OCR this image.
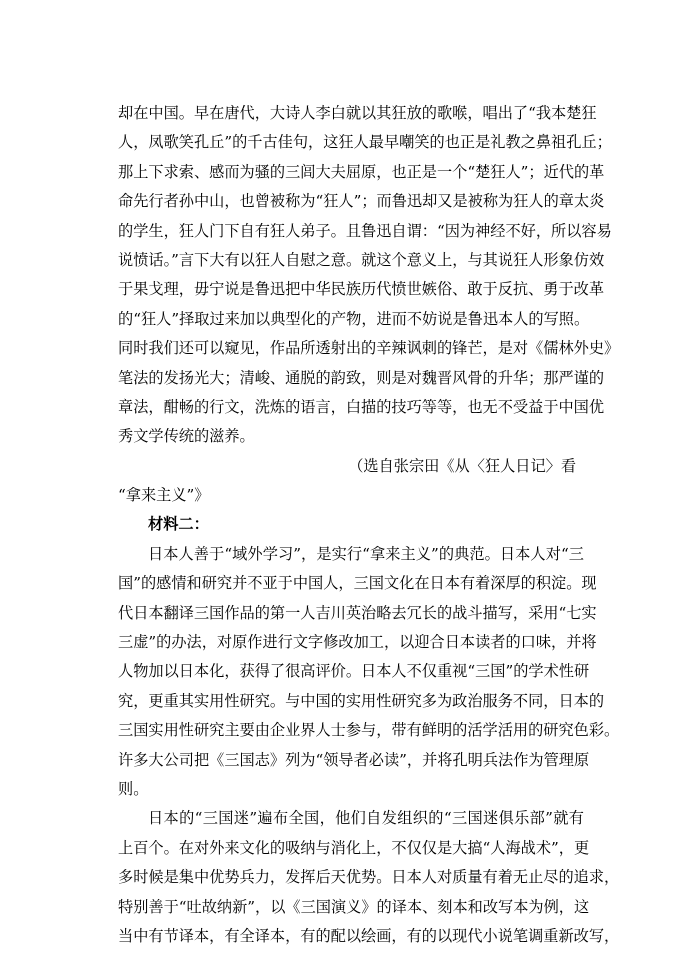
却在中国。早在唐代，大诗人李白就以其狂放的歌喉，唱出了“我本楚狂
人，凤歌笑孔丘”的千古佳句，这狂人最早嘲笑的也正是礼教之鼻祖孔丘；
那上下求索、感而为骚的三闾大夫屈原，也正是一个“楚狂人”；近代的革
命先行者孙中山，也曾被称为“狂人”；而鲁迅却又是被称为狂人的章太炎
的学生，狂人门下自有狂人弟子。且鲁迅自谓：“因为神经不好，所以容易
说愤话。”言下大有以狂人自慰之意。就这个意义上，与其说狂人形象仿效
于果戈理，毋宁说是鲁迅把中华民族历代愤世嫉俗、敢于反抗、勇于改革
的“狂人”择取过来加以典型化的产物，进而不妨说是鲁迅本人的写照。
同时我们还可以窥见，作品所透射出的辛辣讽刺的锋芒，是对《儒林外史》
笔法的发扬光大；清峻、通脱的韵致，则是对魏晋风骨的升华；那严谨的
章法，酣畅的行文，洗炼的语言，白描的技巧等等，也无不受益于中国优
秀文学传统的滋养。
（选自张宗田《从〈狂人日记〉看
“拿来主义”》
材料二：
日本人善于“域外学习”，是实行“拿来主义”的典范。日本人对“三
国”的感情和研究并不亚于中国人，三国文化在日本有着深厚的积淀。现
代日本翻译三国作品的第一人吉川英治略去冗长的战斗描写，采用“七实
三虚”的办法，对原作进行文字修改加工，以迎合日本读者的口味，并将
人物加以日本化，获得了很高评价。日本人不仅重视“三国”的学术性研
究，更重其实用性研究。与中国的实用性研究多为政治服务不同，日本的
三国实用性研究主要由企业界人士参与，带有鲜明的活学活用的研究色彩。
许多大公司把《三国志》列为“领导者必读”，并将孔明兵法作为管理原
则。
日本的“三国迷”遍布全国，他们自发组织的“三国迷俱乐部”就有
上百个。在对外来文化的吸纳与消化上，不仅仅是大搞“人海战术”，更
多时候是集中优势兵力，发挥后天优势。日本人对质量有着无止尽的追求，
特别善于“吐故纳新”，以《三国演义》的译本、刻本和改写本为例，这
当中有节译本，有全译本，有的配以绘画，有的以现代小说笔调重新改写，
